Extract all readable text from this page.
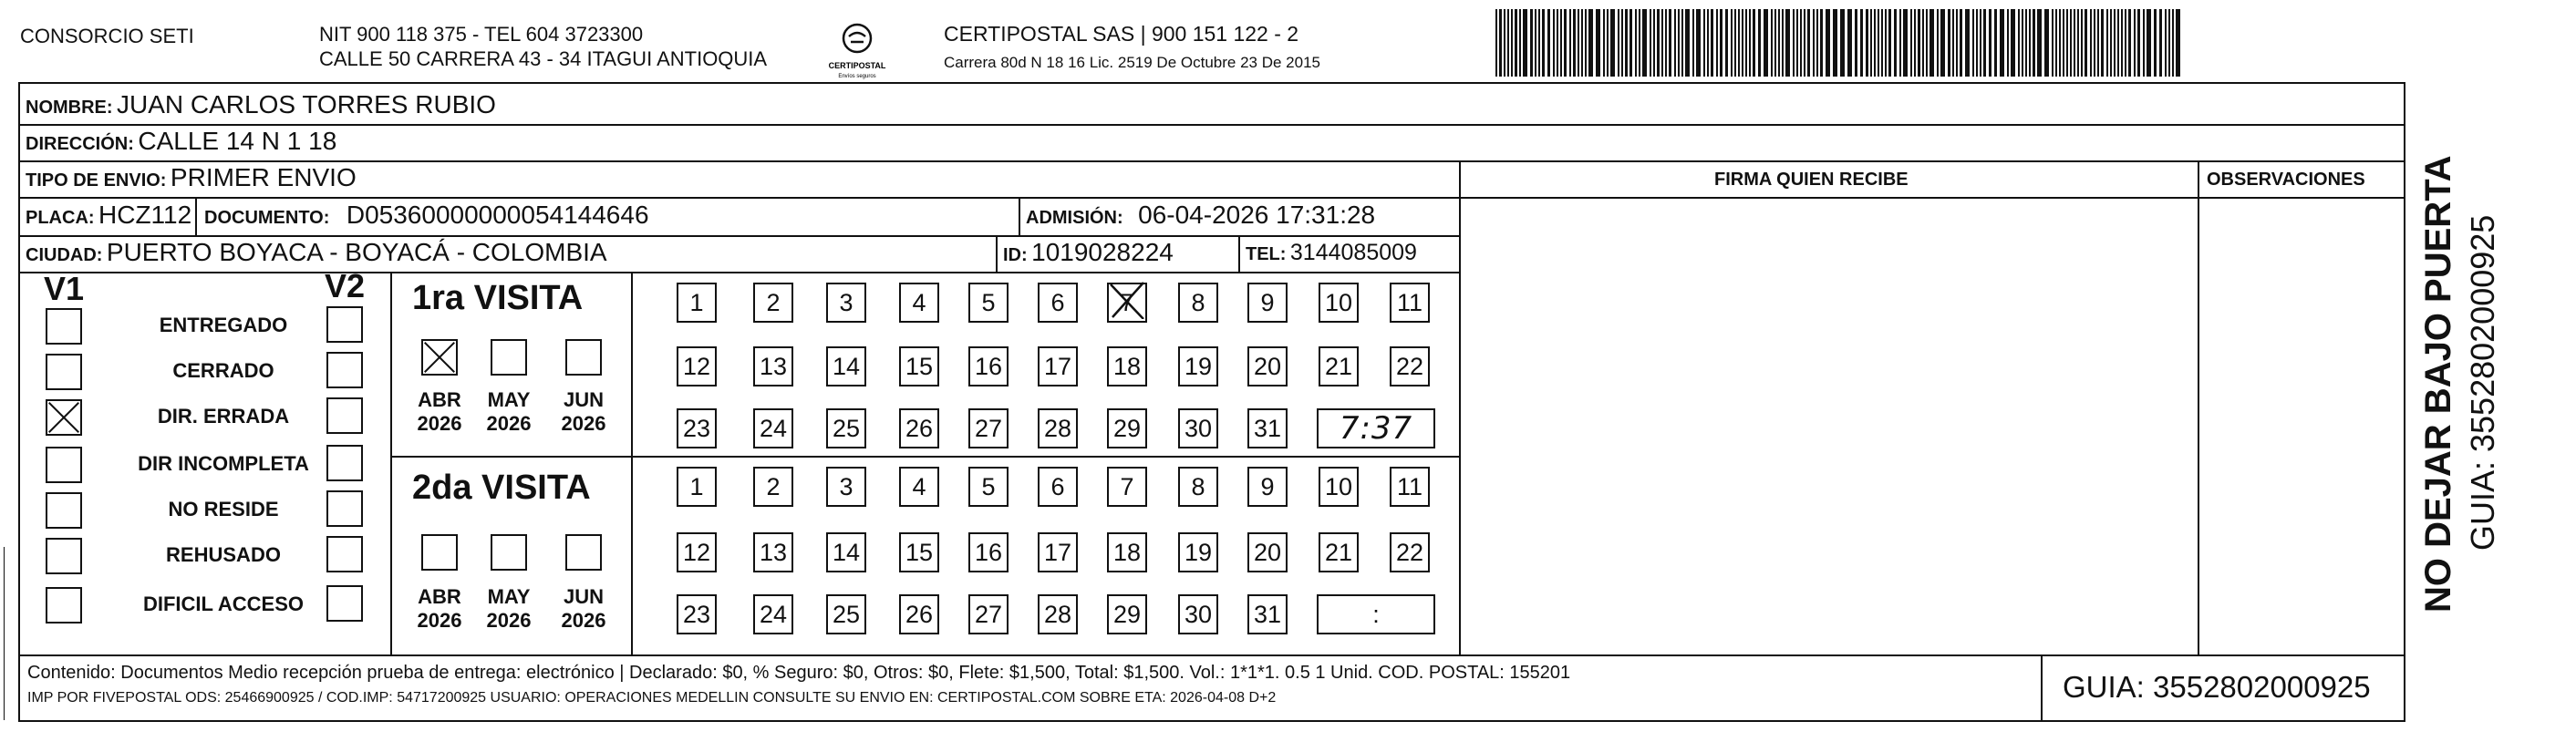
CONSORCIO SETI	NIT 900 118 375 - TEL 604 3723300
CALLE 50 CARRERA 43 - 34 ITAGUI ANTIOQUIA	CERTIPOSTAL
Envíos seguros
CERTIPOSTAL SAS | 900 151 122 - 2
Carrera 80d N 18 16 Lic. 2519 De Octubre 23 De 2015
NOMBRE: JUAN CARLOS TORRES RUBIO
DIRECCIÓN: CALLE 14 N 1 18
TIPO DE ENVIO: PRIMER ENVIO	FIRMA QUIEN RECIBE	OBSERVACIONES
PLACA: HCZ112 DOCUMENTO: D05360000000054144646	ADMISIÓN: 06-04-2026 17:31:28
CIUDAD: PUERTO BOYACA - BOYACÁ - COLOMBIA	ID: 1019028224	TEL: 3144085009
V1	V2
ENTREGADO
CERRADO
DIR. ERRADA
DIR INCOMPLETA
NO RESIDE
REHUSADO
DIFICIL ACCESO
1ra VISITA
ABR
2026
MAY
2026
JUN
2026
1	2	3	4	5	6	7	8	9	10 11
12 13 14 15 16 17 18 19 20 21 22
23 24 25 26 27 28 29 30 31	7:37
2da VISITA
ABR
2026
MAY
2026
JUN
2026
1	2	3	4	5	6	7	8	9	10 11
12 13 14 15 16 17 18 19 20 21 22
23 24 25 26 27 28 29 30 31	:
Contenido: Documentos Medio recepción prueba de entrega: electrónico | Declarado: $0, % Seguro: $0, Otros: $0, Flete: $1,500, Total: $1,500. Vol.: 1*1*1. 0.5 1 Unid. COD. POSTAL: 155201
IMP POR FIVEPOSTAL ODS: 25466900925 / COD.IMP: 54717200925 USUARIO: OPERACIONES MEDELLIN CONSULTE SU ENVIO EN: CERTIPOSTAL.COM SOBRE ETA: 2026-04-08 D+2	GUIA: 3552802000925
NO DEJAR BAJO PUERTA GUIA: 3552802000925
